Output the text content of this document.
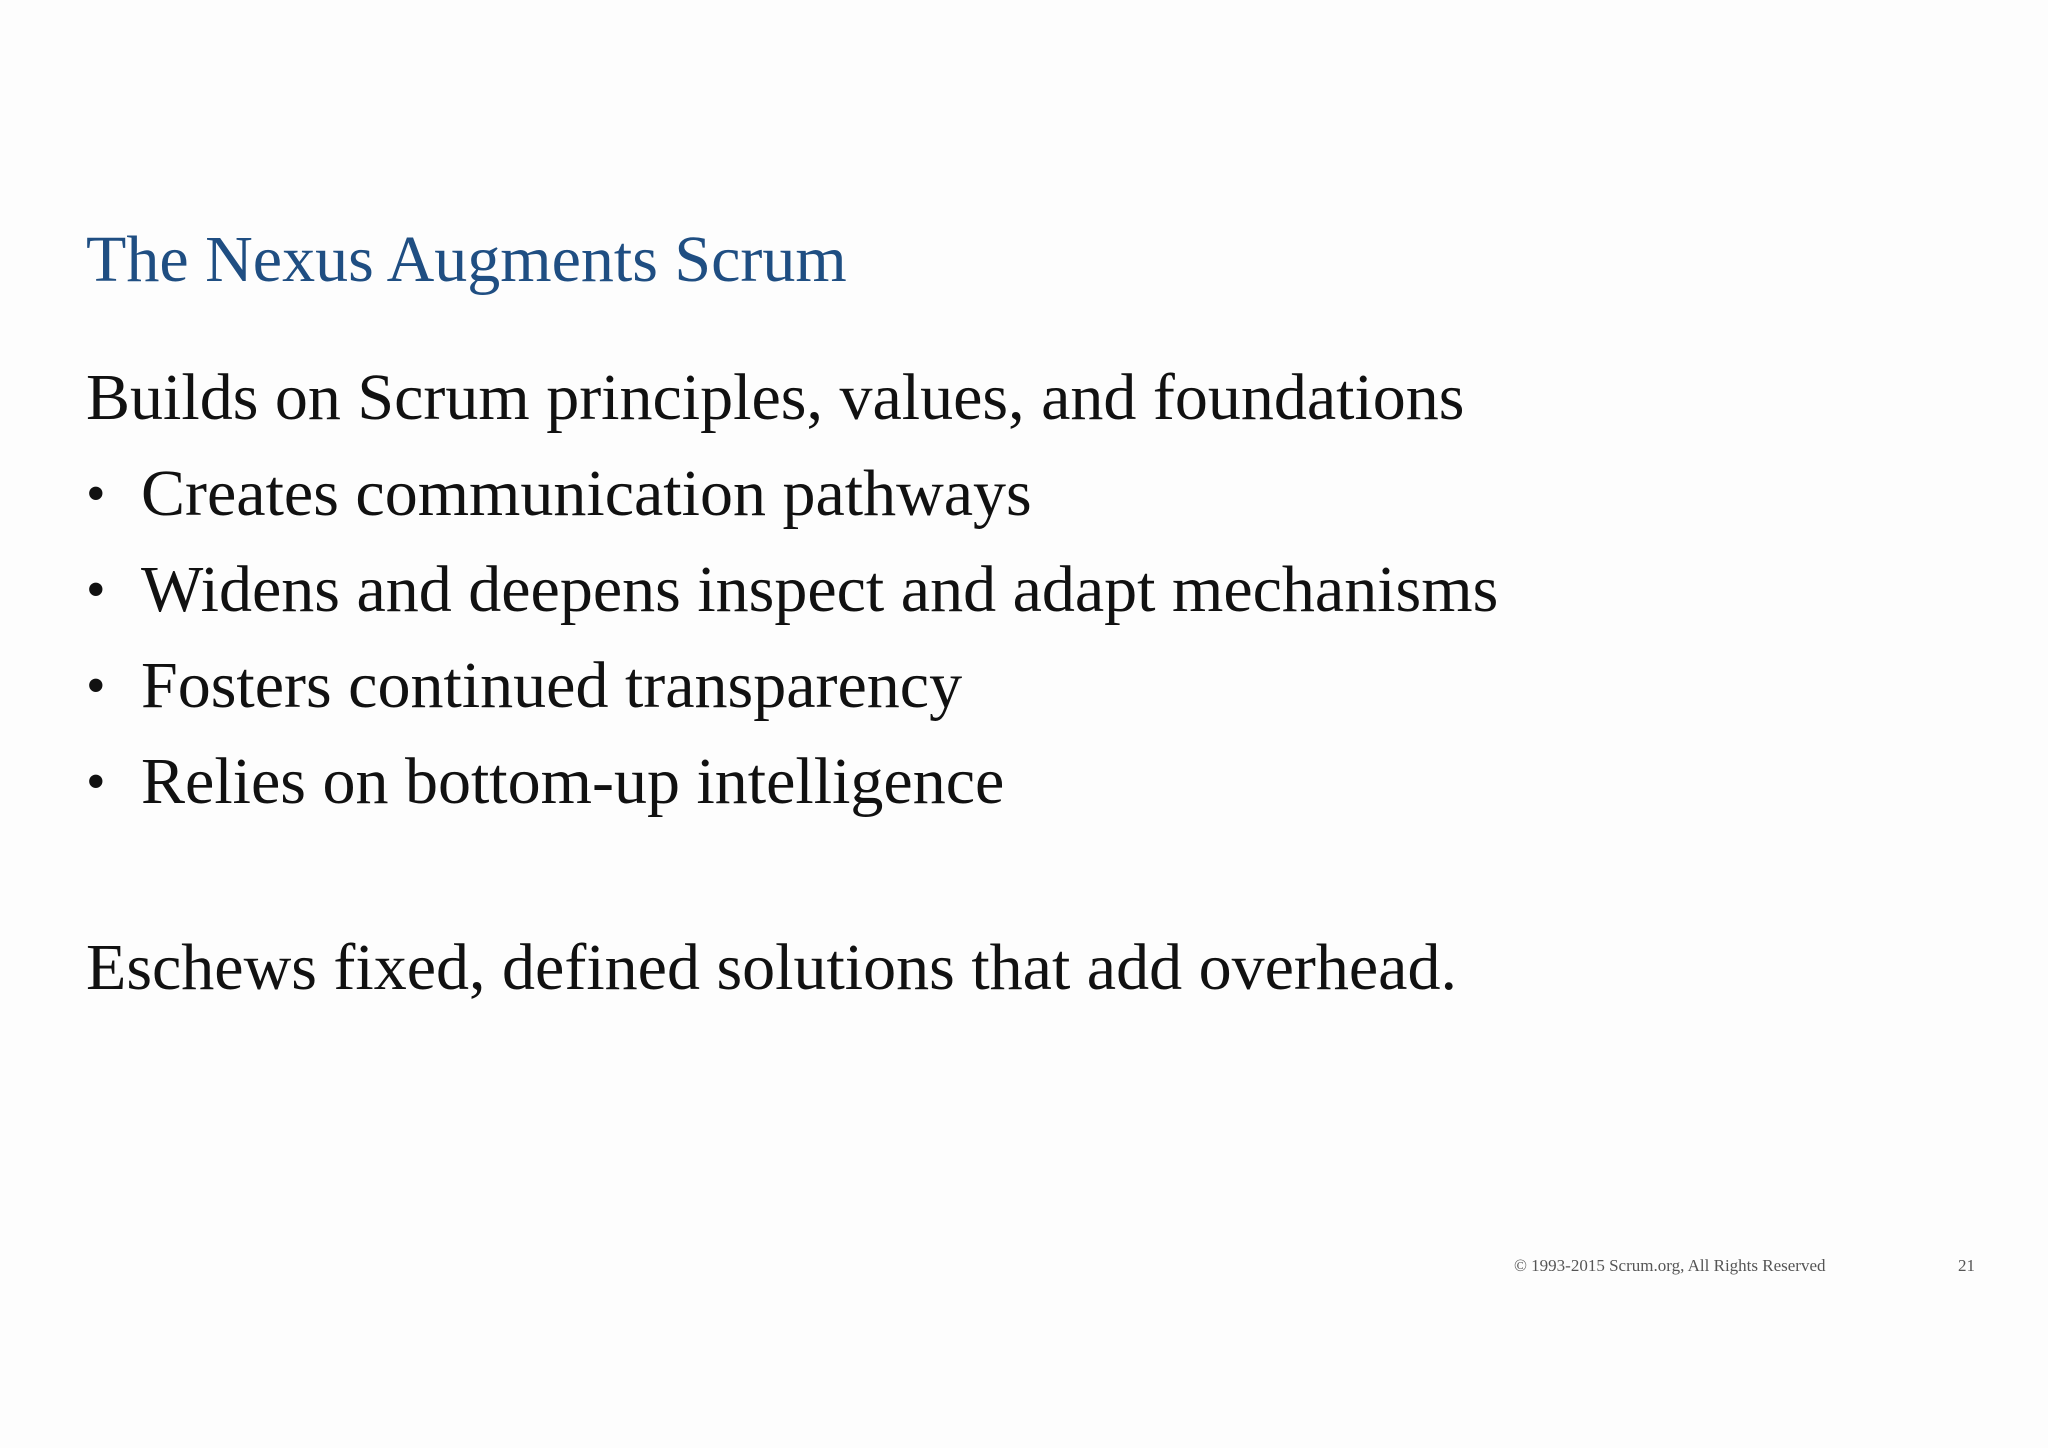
The Nexus Augments Scrum
Builds on Scrum principles, values, and foundations
• Creates communication pathways
• Widens and deepens inspect and adapt mechanisms
• Fosters continued transparency
• Relies on bottom-up intelligence
Eschews fixed, defined solutions that add overhead.
© 1993-2015 Scrum.org, All Rights Reserved	21
